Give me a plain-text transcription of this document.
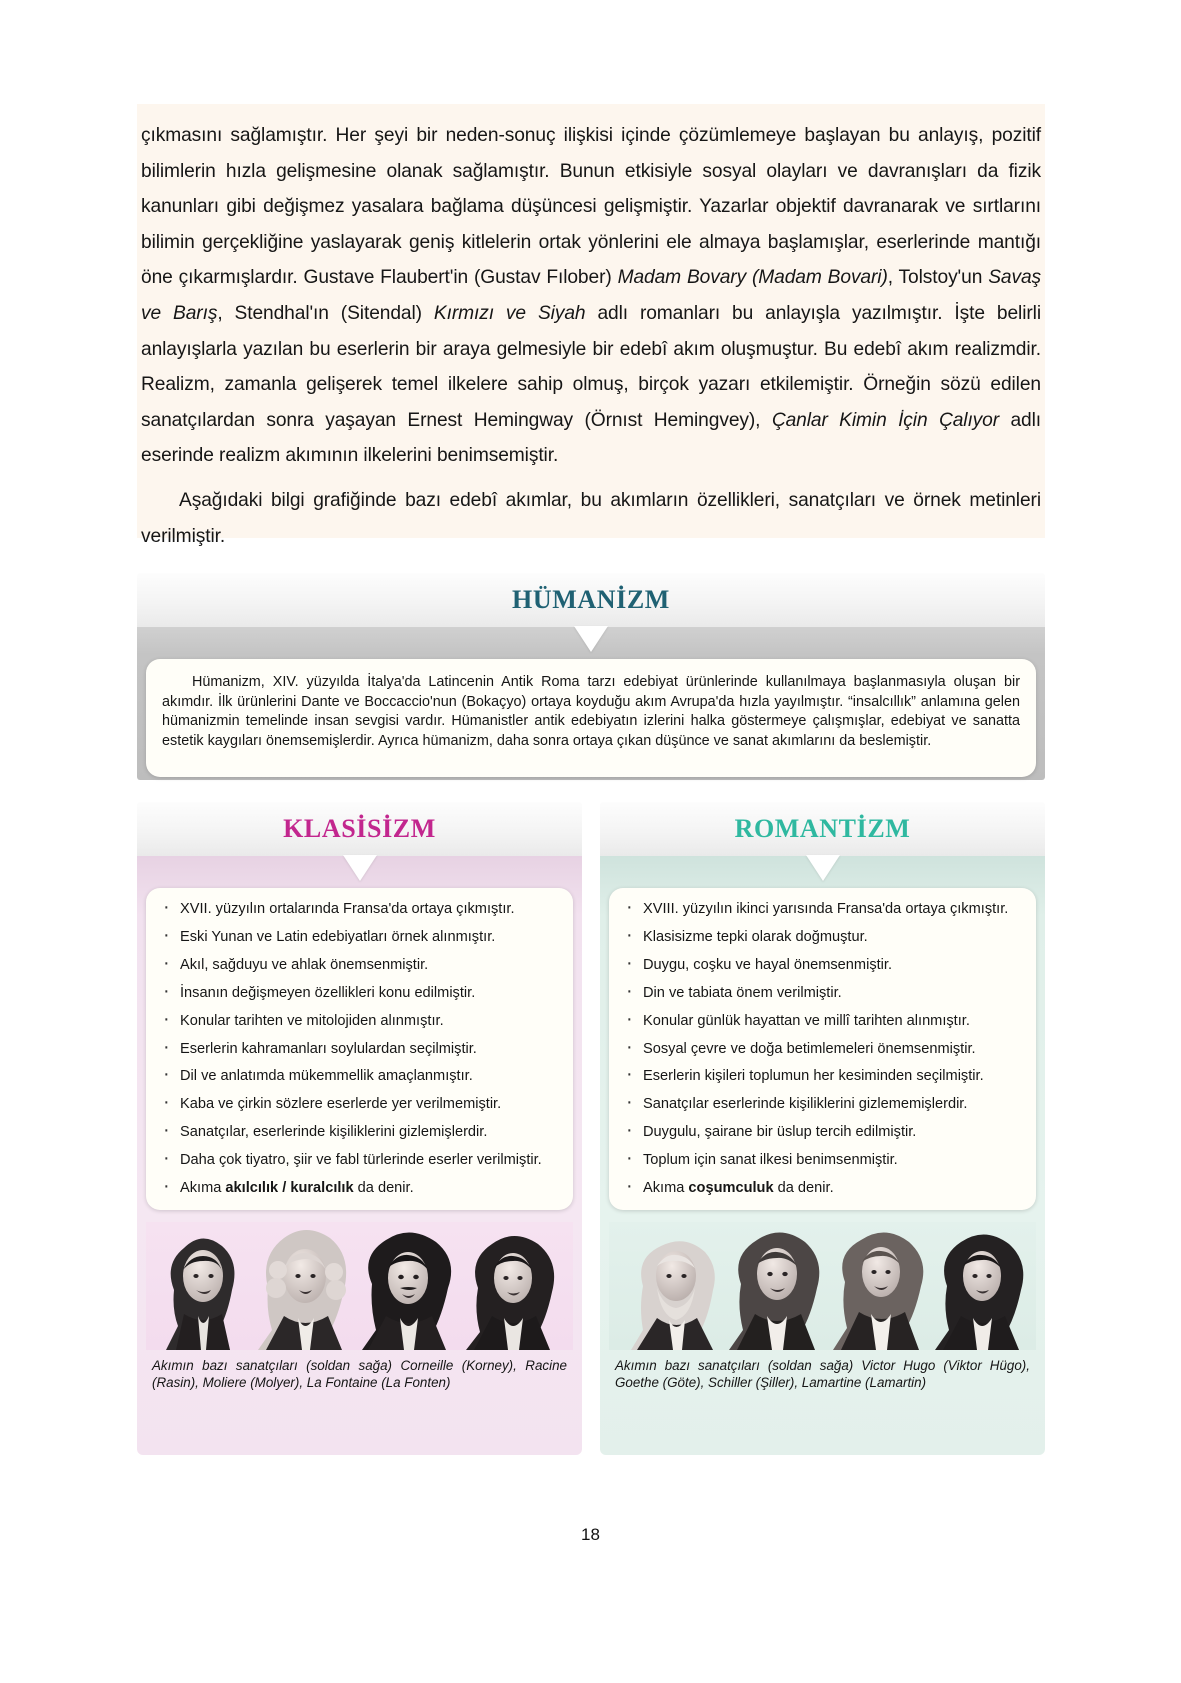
çıkmasını sağlamıştır. Her şeyi bir neden-sonuç ilişkisi içinde çözümlemeye başlayan bu anlayış, pozitif bilimlerin hızla gelişmesine olanak sağlamıştır. Bunun etkisiyle sosyal olayları ve davranışları da fizik kanunları gibi değişmez yasalara bağlama düşüncesi gelişmiştir. Yazarlar objektif davranarak ve sırtlarını bilimin gerçekliğine yaslayarak geniş kitlelerin ortak yönlerini ele almaya başlamışlar, eserlerinde mantığı öne çıkarmışlardır. Gustave Flaubert'in (Gustav Fılober) Madam Bovary (Madam Bovari), Tolstoy'un Savaş ve Barış, Stendhal'ın (Sitendal) Kırmızı ve Siyah adlı romanları bu anlayışla yazılmıştır. İşte belirli anlayışlarla yazılan bu eserlerin bir araya gelmesiyle bir edebî akım oluşmuştur. Bu edebî akım realizmdir. Realizm, zamanla gelişerek temel ilkelere sahip olmuş, birçok yazarı etkilemiştir. Örneğin sözü edilen sanatçılardan sonra yaşayan Ernest Hemingway (Örnıst Hemingvey), Çanlar Kimin İçin Çalıyor adlı eserinde realizm akımının ilkelerini benimsemiştir.

Aşağıdaki bilgi grafiğinde bazı edebî akımlar, bu akımların özellikleri, sanatçıları ve örnek metinleri verilmiştir.

HÜMANİZM

Hümanizm, XIV. yüzyılda İtalya'da Latincenin Antik Roma tarzı edebiyat ürünlerinde kullanılmaya başlanmasıyla oluşan bir akımdır. İlk ürünlerini Dante ve Boccaccio'nun (Bokaçyo) ortaya koyduğu akım Avrupa'da hızla yayılmıştır. “insalcıllık” anlamına gelen hümanizmin temelinde insan sevgisi vardır. Hümanistler antik edebiyatın izlerini halka göstermeye çalışmışlar, edebiyat ve sanatta estetik kaygıları önemsemişlerdir. Ayrıca hümanizm, daha sonra ortaya çıkan düşünce ve sanat akımlarını da beslemiştir.

KLASİSİZM
· XVII. yüzyılın ortalarında Fransa'da ortaya çıkmıştır.
· Eski Yunan ve Latin edebiyatları örnek alınmıştır.
· Akıl, sağduyu ve ahlak önemsenmiştir.
· İnsanın değişmeyen özellikleri konu edilmiştir.
· Konular tarihten ve mitolojiden alınmıştır.
· Eserlerin kahramanları soylulardan seçilmiştir.
· Dil ve anlatımda mükemmellik amaçlanmıştır.
· Kaba ve çirkin sözlere eserlerde yer verilmemiştir.
· Sanatçılar, eserlerinde kişiliklerini gizlemişlerdir.
· Daha çok tiyatro, şiir ve fabl türlerinde eserler verilmiştir.
· Akıma akılcılık / kuralcılık da denir.
Akımın bazı sanatçıları (soldan sağa) Corneille (Korney), Racine (Rasin), Moliere (Molyer), La Fontaine (La Fonten)
ROMANTİZM
· XVIII. yüzyılın ikinci yarısında Fransa'da ortaya çıkmıştır.
· Klasisizme tepki olarak doğmuştur.
· Duygu, coşku ve hayal önemsenmiştir.
· Din ve tabiata önem verilmiştir.
· Konular günlük hayattan ve millî tarihten alınmıştır.
· Sosyal çevre ve doğa betimlemeleri önemsenmiştir.
· Eserlerin kişileri toplumun her kesiminden seçilmiştir.
· Sanatçılar eserlerinde kişiliklerini gizlememişlerdir.
· Duygulu, şairane bir üslup tercih edilmiştir.
· Toplum için sanat ilkesi benimsenmiştir.
· Akıma coşumculuk da denir.
Akımın bazı sanatçıları (soldan sağa) Victor Hugo (Viktor Hügo), Goethe (Göte), Schiller (Şiller), Lamartine (Lamartin)
18
